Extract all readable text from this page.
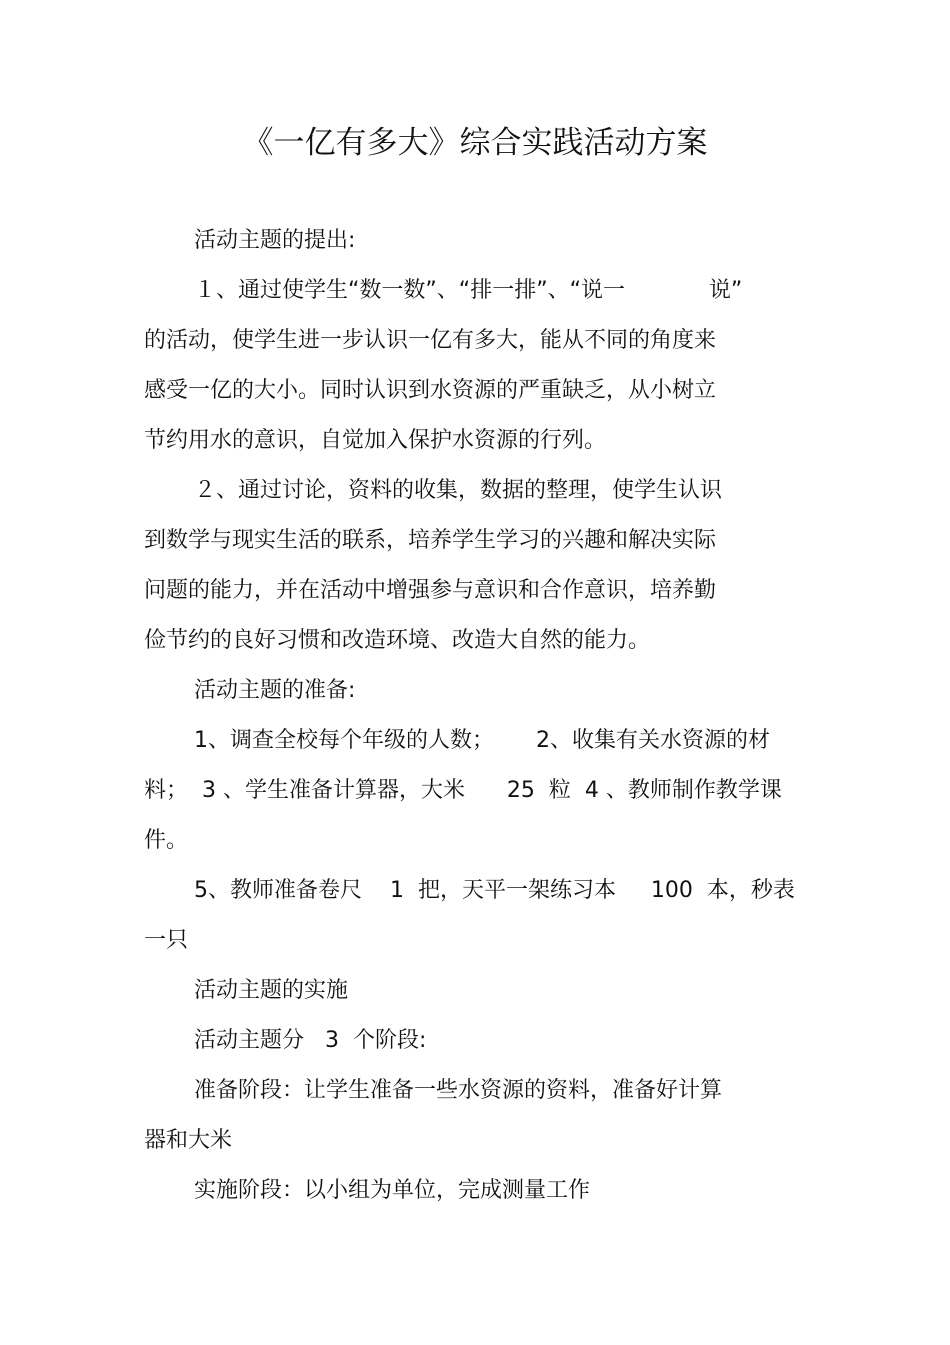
《一亿有多大》综合实践活动方案
活动主题的提出:
１、通过使学生“数一数”、“排一排”、“说一            说”
的活动，使学生进一步认识一亿有多大，能从不同的角度来
感受一亿的大小。同时认识到水资源的严重缺乏，从小树立
节约用水的意识，自觉加入保护水资源的行列。
２、通过讨论，资料的收集，数据的整理，使学生认识
到数学与现实生活的联系，培养学生学习的兴趣和解决实际
问题的能力，并在活动中增强参与意识和合作意识，培养勤
俭节约的良好习惯和改造环境、改造大自然的能力。
活动主题的准备:
1、调查全校每个年级的人数；      2、收集有关水资源的材
料；  3 、学生准备计算器，大米      25  粒  4 、教师制作教学课
件。
5、教师准备卷尺    1  把，天平一架练习本     100  本，秒表
一只
活动主题的实施
活动主题分   3  个阶段:
准备阶段：让学生准备一些水资源的资料，准备好计算
器和大米
实施阶段：以小组为单位，完成测量工作
